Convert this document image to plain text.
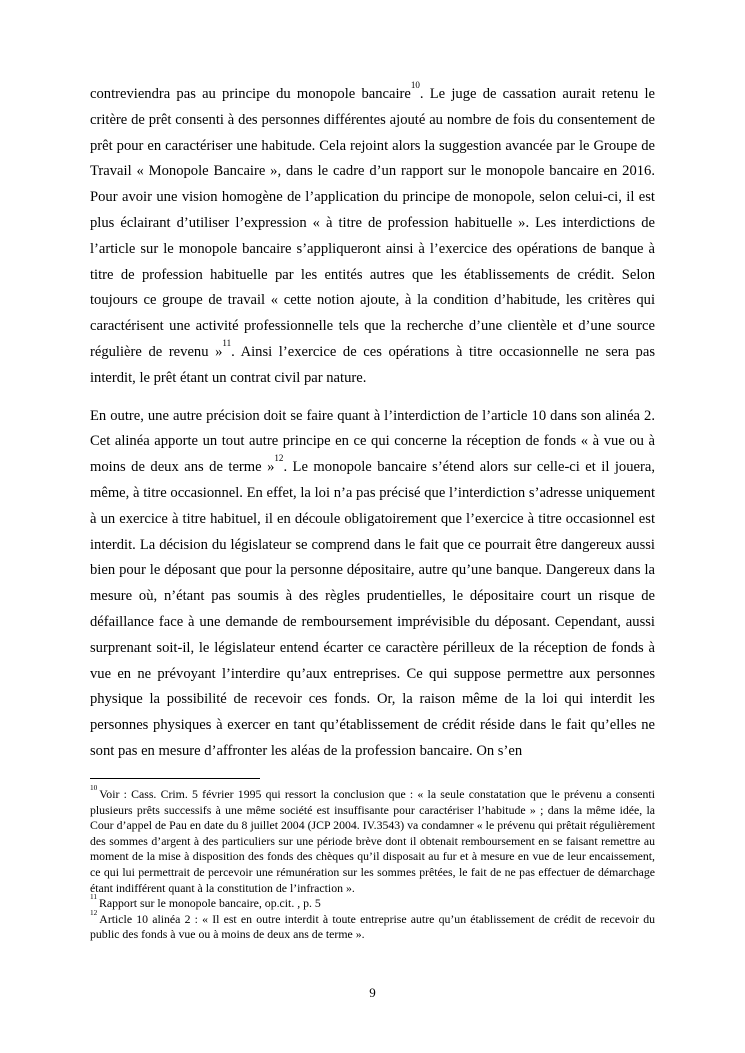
contreviendra pas au principe du monopole bancaire$^{10}$. Le juge de cassation aurait retenu le critère de prêt consenti à des personnes différentes ajouté au nombre de fois du consentement de prêt pour en caractériser une habitude. Cela rejoint alors la suggestion avancée par le Groupe de Travail « Monopole Bancaire », dans le cadre d’un rapport sur le monopole bancaire en 2016. Pour avoir une vision homogène de l’application du principe de monopole, selon celui-ci, il est plus éclairant d’utiliser l’expression « à titre de profession habituelle ». Les interdictions de l’article sur le monopole bancaire s’appliqueront ainsi à l’exercice des opérations de banque à titre de profession habituelle par les entités autres que les établissements de crédit. Selon toujours ce groupe de travail « cette notion ajoute, à la condition d’habitude, les critères qui caractérisent une activité professionnelle tels que la recherche d’une clientèle et d’une source régulière de revenu »$^{11}$. Ainsi l’exercice de ces opérations à titre occasionnelle ne sera pas interdit, le prêt étant un contrat civil par nature.

En outre, une autre précision doit se faire quant à l’interdiction de l’article 10 dans son alinéa 2. Cet alinéa apporte un tout autre principe en ce qui concerne la réception de fonds « à vue ou à moins de deux ans de terme »$^{12}$. Le monopole bancaire s’étend alors sur celle-ci et il jouera, même, à titre occasionnel. En effet, la loi n’a pas précisé que l’interdiction s’adresse uniquement à un exercice à titre habituel, il en découle obligatoirement que l’exercice à titre occasionnel est interdit. La décision du législateur se comprend dans le fait que ce pourrait être dangereux aussi bien pour le déposant que pour la personne dépositaire, autre qu’une banque. Dangereux dans la mesure où, n’étant pas soumis à des règles prudentielles, le dépositaire court un risque de défaillance face à une demande de remboursement imprévisible du déposant. Cependant, aussi surprenant soit-il, le législateur entend écarter ce caractère périlleux de la réception de fonds à vue en ne prévoyant l’interdire qu’aux entreprises. Ce qui suppose permettre aux personnes physique la possibilité de recevoir ces fonds. Or, la raison même de la loi qui interdit les personnes physiques à exercer en tant qu’établissement de crédit réside dans le fait qu’elles ne sont pas en mesure d’affronter les aléas de la profession bancaire. On s’en

$^{10}$ Voir : Cass. Crim. 5 février 1995 qui ressort la conclusion que : « la seule constatation que le prévenu a consenti plusieurs prêts successifs à une même société est insuffisante pour caractériser l’habitude » ; dans la même idée, la Cour d’appel de Pau en date du 8 juillet 2004 (JCP 2004. IV.3543) va condamner « le prévenu qui prêtait régulièrement des sommes d’argent à des particuliers sur une période brève dont il obtenait remboursement en se faisant remettre au moment de la mise à disposition des fonds des chèques qu’il disposait au fur et à mesure en vue de leur encaissement, ce qui lui permettrait de percevoir une rémunération sur les sommes prêtées, le fait de ne pas effectuer de démarchage étant indifférent quant à la constitution de l’infraction ».
$^{11}$ Rapport sur le monopole bancaire, op.cit. , p. 5
$^{12}$ Article 10 alinéa 2 : « Il est en outre interdit à toute entreprise autre qu’un établissement de crédit de recevoir du public des fonds à vue ou à moins de deux ans de terme ».
9
